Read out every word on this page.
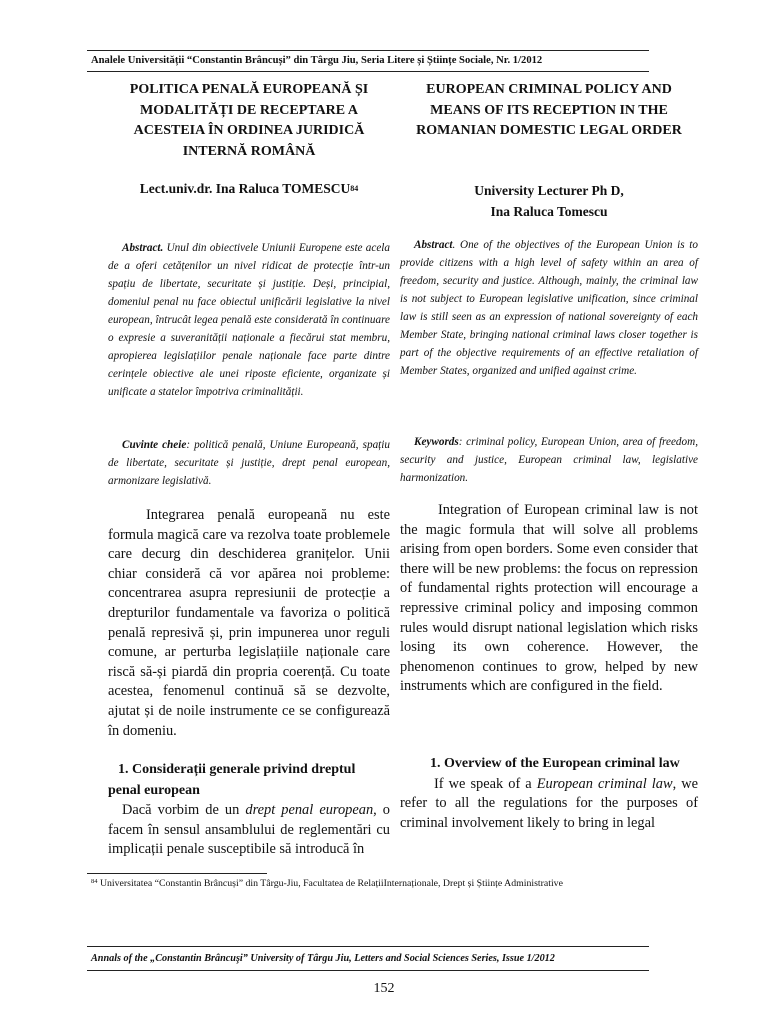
Analele Universității “Constantin Brâncuși” din Târgu Jiu, Seria Litere și Științe Sociale, Nr. 1/2012
POLITICA PENALĂ EUROPEANĂ ȘI MODALITĂȚI DE RECEPTARE A ACESTEIA ÎN ORDINEA JURIDICĂ INTERNĂ ROMÂNĂ
Lect.univ.dr. Ina Raluca TOMESCU$^{84}$
Abstract. Unul din obiectivele Uniunii Europene este acela de a oferi cetățenilor un nivel ridicat de protecție într-un spațiu de libertate, securitate și justiție. Deși, principial, domeniul penal nu face obiectul unificării legislative la nivel european, întrucât legea penală este considerată în continuare o expresie a suveranității naționale a fiecărui stat membru, apropierea legislațiilor penale naționale face parte dintre cerințele obiective ale unei riposte eficiente, organizate și unificate a statelor împotriva criminalității.
Cuvinte cheie: politică penală, Uniune Europeană, spațiu de libertate, securitate și justiție, drept penal european, armonizare legislativă.
Integrarea penală europeană nu este formula magică care va rezolva toate problemele care decurg din deschiderea granițelor. Unii chiar consideră că vor apărea noi probleme: concentrarea asupra represiunii de protecție a drepturilor fundamentale va favoriza o politică penală represivă și, prin impunerea unor reguli comune, ar perturba legislațiile naționale care riscă să-și piardă din propria coerență. Cu toate acestea, fenomenul continuă să se dezvolte, ajutat și de noile instrumente ce se configurează în domeniu.
1. Considerații generale privind dreptul penal european
Dacă vorbim de un drept penal european, o facem în sensul ansamblului de reglementări cu implicații penale susceptibile să introducă în
EUROPEAN CRIMINAL POLICY AND MEANS OF ITS RECEPTION IN THE ROMANIAN DOMESTIC LEGAL ORDER
University Lecturer Ph D,
Ina Raluca Tomescu
Abstract. One of the objectives of the European Union is to provide citizens with a high level of safety within an area of freedom, security and justice. Although, mainly, the criminal law is not subject to European legislative unification, since criminal law is still seen as an expression of national sovereignty of each Member State, bringing national criminal laws closer together is part of the objective requirements of an effective retaliation of Member States, organized and unified against crime.
Keywords: criminal policy, European Union, area of freedom, security and justice, European criminal law, legislative harmonization.
Integration of European criminal law is not the magic formula that will solve all problems arising from open borders. Some even consider that there will be new problems: the focus on repression of fundamental rights protection will encourage a repressive criminal policy and imposing common rules would disrupt national legislation which risks losing its own coherence. However, the phenomenon continues to grow, helped by new instruments which are configured in the field.
1. Overview of the European criminal law
If we speak of a European criminal law, we refer to all the regulations for the purposes of criminal involvement likely to bring in legal
$^{84}$ Universitatea “Constantin Brâncuși” din Târgu-Jiu, Facultatea de RelațiiInternaționale, Drept și Științe Administrative
Annals of the „Constantin Brâncuşi” University of Târgu Jiu, Letters and Social Sciences Series, Issue 1/2012
152
